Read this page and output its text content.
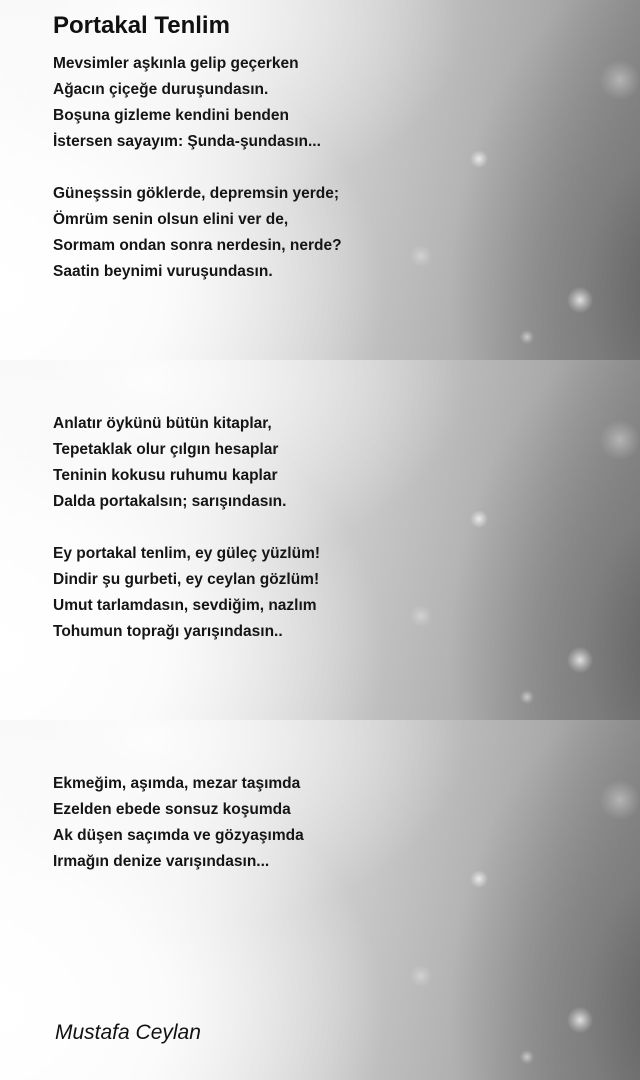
Portakal Tenlim
Mevsimler aşkınla gelip geçerken
Ağacın çiçeğe duruşundasın.
Boşuna gizleme kendini benden
İstersen sayayım: Şunda-şundasın...
Güneşssin göklerde, depremsin yerde;
Ömrüm senin olsun elini ver de,
Sormam ondan sonra nerdesin, nerde?
Saatin beynimi vuruşundasın.
Anlatır öykünü bütün kitaplar,
Tepetaklak olur çılgın hesaplar
Teninin kokusu ruhumu kaplar
Dalda portakalsın; sarışındasın.
Ey portakal tenlim, ey güleç yüzlüm!
Dindir şu gurbeti, ey ceylan gözlüm!
Umut tarlamdasın, sevdiğim, nazlım
Tohumun toprağı yarışındasın..
Ekmeğim, aşımda, mezar taşımda
Ezelden ebede sonsuz koşumda
Ak düşen saçımda ve gözyaşımda
Irmağın denize varışındasın...
Mustafa Ceylan
